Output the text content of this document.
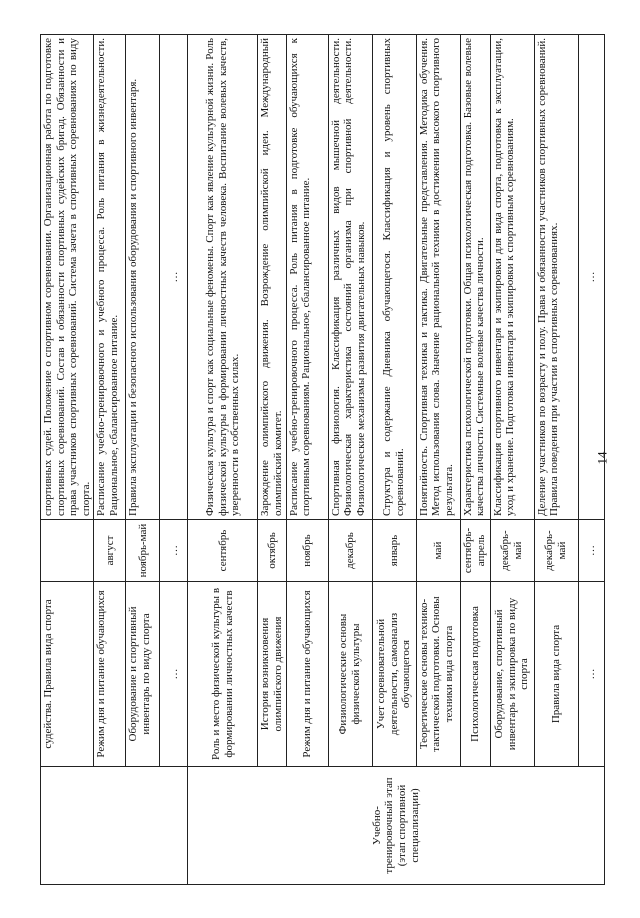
14
	судейства. Правила вида спорта		спортивных судей. Положение о спортивном соревновании. Организационная работа по подготовке спортивных соревнований. Состав и обязанности спортивных судейских бригад. Обязанности и права участников спортивных соревнований. Система зачета в спортивных соревнованиях по виду спорта.
	Режим дня и питание обучающихся	август	Расписание учебно-тренировочного и учебного процесса. Роль питания в жизнедеятельности. Рациональное, сбалансированное питание.
	Оборудование и спортивный инвентарь по виду спорта	ноябрь-май	Правила эксплуатации и безопасного использования оборудования и спортивного инвентаря.
	…	…	…
Учебно-тренировочный этап (этап спортивной специализации)	Роль и место физической культуры в формировании личностных качеств	сентябрь	Физическая культура и спорт как социальные феномены. Спорт как явление культурной жизни. Роль физической культуры в формировании личностных качеств человека. Воспитание волевых качеств, уверенности в собственных силах.
	История возникновения олимпийского движения	октябрь	Зарождение олимпийского движения. Возрождение олимпийской идеи. Международный олимпийский комитет.
	Режим дня и питание обучающихся	ноябрь	Расписание учебно-тренировочного процесса. Роль питания в подготовке обучающихся к спортивным соревнованиям. Рациональное, сбалансированное питание.
	Физиологические основы физической культуры	декабрь	Спортивная физиология. Классификация различных видов мышечной деятельности. Физиологическая характеристика состояний организма при спортивной деятельности. Физиологические механизмы развития двигательных навыков.
	Учет соревновательной деятельности, самоанализ обучающегося	январь	Структура и содержание Дневника обучающегося. Классификация и уровень спортивных соревнований.
	Теоретические основы технико-тактической подготовки. Основы техники вида спорта	май	Понятийность. Спортивная техника и тактика. Двигательные представления. Методика обучения. Метод использования слова. Значение рациональной техники в достижении высокого спортивного результата.
	Психологическая подготовка	сентябрь-апрель	Характеристика психологической подготовки. Общая психологическая подготовка. Базовые волевые качества личности. Системные волевые качества личности.
	Оборудование, спортивный инвентарь и экипировка по виду спорта	декабрь-май	Классификация спортивного инвентаря и экипировки для вида спорта, подготовка к эксплуатации, уход и хранение. Подготовка инвентаря и экипировки к спортивным соревнованиям.
	Правила вида спорта	декабрь-май	Деление участников по возрасту и полу. Права и обязанности участников спортивных соревнований. Правила поведения при участии в спортивных соревнованиях.
	…	…	…
